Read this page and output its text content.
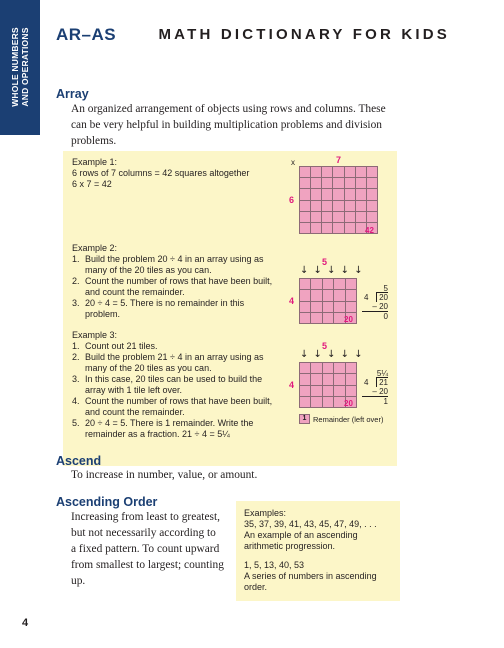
WHOLE NUMBERS AND OPERATIONS AR–AS	MATH DICTIONARY FOR KIDS
Array
An organized arrangement of objects using rows and columns. These can be very helpful in building multiplication problems and division problems.
Example 1:
6 rows of 7 columns = 42 squares altogether
6 x 7 = 42
x	7
6
42
Example 2:
1. Build the problem 20 ÷ 4 in an array using as
many of the 20 tiles as you can.
2. Count the number of rows that have been built,
and count the remainder.
3. 20 ÷ 4 = 5. There is no remainder in this
problem.
5
↓ ↓ ↓ ↓ ↓
4
20
5
4 20
– 20
0
Example 3:
1. Count out 21 tiles.
2. Build the problem 21 ÷ 4 in an array using as
many of the 20 tiles as you can.
3. In this case, 20 tiles can be used to build the
array with 1 tile left over.
4. Count the number of rows that have been built,
and count the remainder.
5. 20 ÷ 4 = 5. There is 1 remainder. Write the
remainder as a fraction. 21 ÷ 4 = 5¼
5
↓ ↓ ↓ ↓ ↓
4
20
5¼
4 21
– 20
1
1 Remainder (left over)
Ascend
To increase in number, value, or amount.
Ascending Order
Increasing from least to greatest,
but not necessarily according to
a fixed pattern. To count upward
from smallest to largest; counting
up.
Examples:
35, 37, 39, 41, 43, 45, 47, 49, . . .
An example of an ascending
arithmetic progression.
1, 5, 13, 40, 53
A series of numbers in ascending
order.
4
